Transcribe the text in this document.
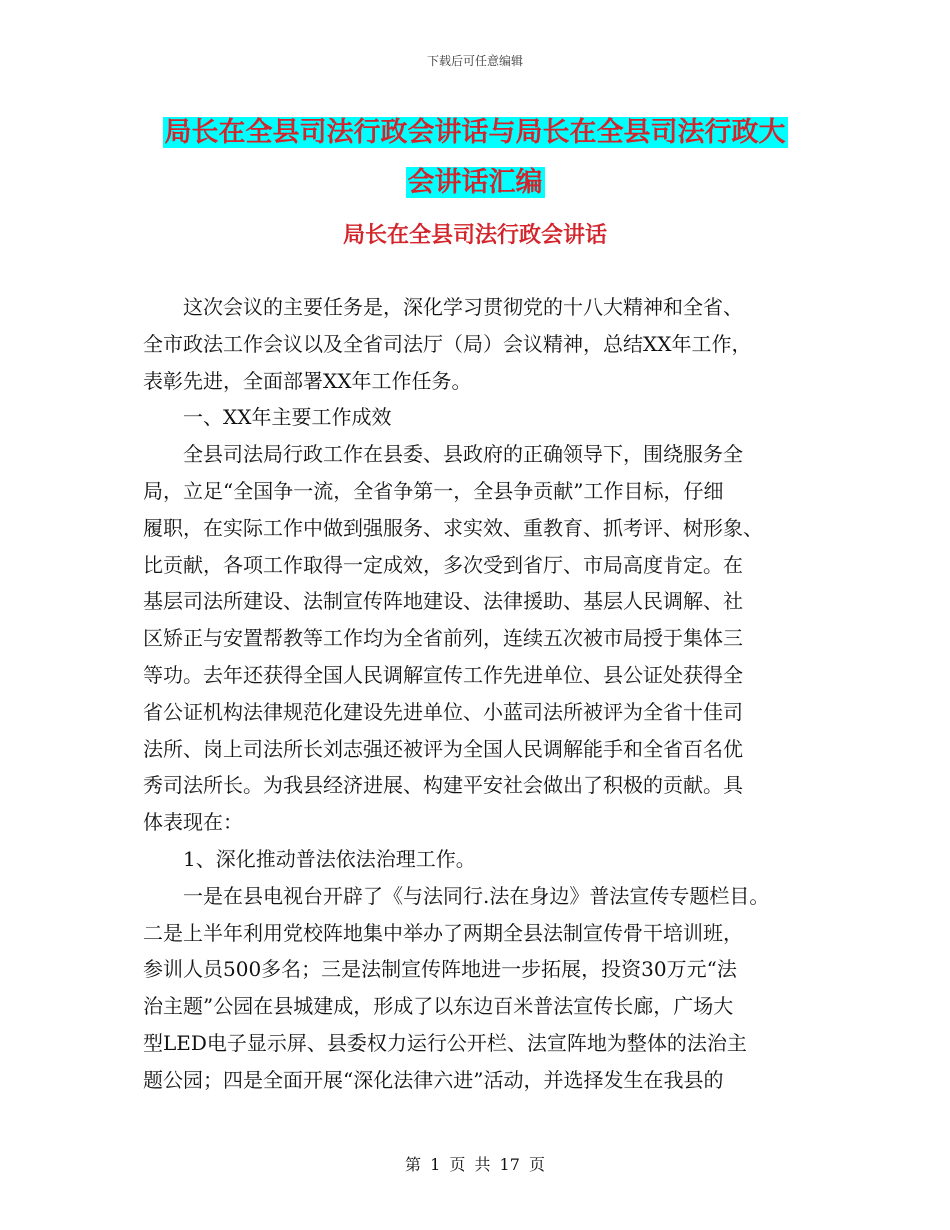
下载后可任意编辑
局长在全县司法行政会讲话与局长在全县司法行政大
会讲话汇编
局长在全县司法行政会讲话

　　这次会议的主要任务是，深化学习贯彻党的十八大精神和全省、

全市政法工作会议以及全省司法厅（局）会议精神，总结XX年工作，

表彰先进，全面部署XX年工作任务。

　　一、XX年主要工作成效

　　全县司法局行政工作在县委、县政府的正确领导下，围绕服务全

局，立足“全国争一流，全省争第一，全县争贡献”工作目标，仔细

履职，在实际工作中做到强服务、求实效、重教育、抓考评、树形象、

比贡献，各项工作取得一定成效，多次受到省厅、市局高度肯定。在

基层司法所建设、法制宣传阵地建设、法律援助、基层人民调解、社

区矫正与安置帮教等工作均为全省前列，连续五次被市局授于集体三

等功。去年还获得全国人民调解宣传工作先进单位、县公证处获得全

省公证机构法律规范化建设先进单位、小蓝司法所被评为全省十佳司

法所、岗上司法所长刘志强还被评为全国人民调解能手和全省百名优

秀司法所长。为我县经济进展、构建平安社会做出了积极的贡献。具

体表现在：

　　1、深化推动普法依法治理工作。

　　一是在县电视台开辟了《与法同行.法在身边》普法宣传专题栏目。

二是上半年利用党校阵地集中举办了两期全县法制宣传骨干培训班，

参训人员500多名；三是法制宣传阵地进一步拓展，投资30万元“法

治主题”公园在县城建成，形成了以东边百米普法宣传长廊，广场大

型LED电子显示屏、县委权力运行公开栏、法宣阵地为整体的法治主

题公园；四是全面开展“深化法律六进”活动，并选择发生在我县的

第 1 页 共 17 页
